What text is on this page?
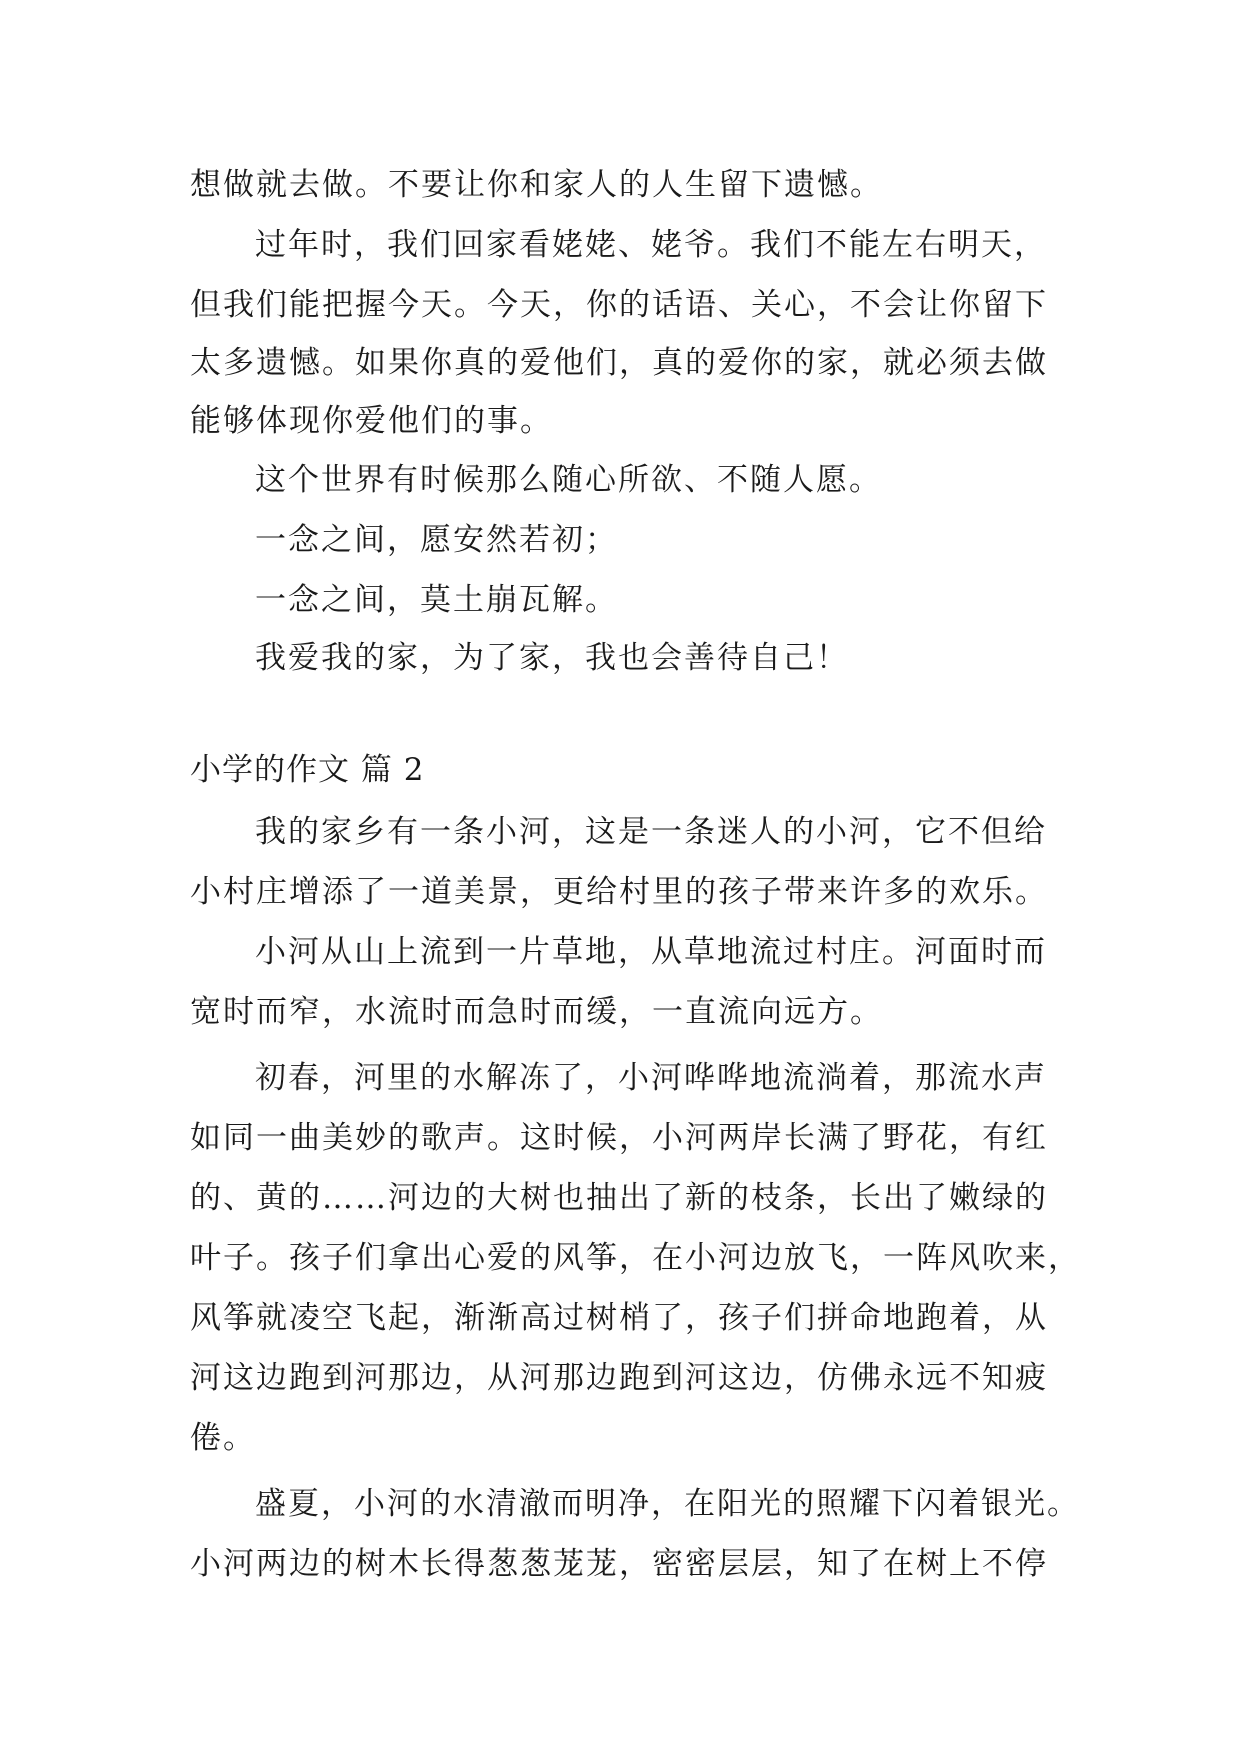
想做就去做。不要让你和家人的人生留下遗憾。
过年时，我们回家看姥姥、姥爷。我们不能左右明天，
但我们能把握今天。今天，你的话语、关心，不会让你留下
太多遗憾。如果你真的爱他们，真的爱你的家，就必须去做
能够体现你爱他们的事。
这个世界有时候那么随心所欲、不随人愿。
一念之间，愿安然若初；
一念之间，莫土崩瓦解。
我爱我的家，为了家，我也会善待自己！
小学的作文 篇 2
我的家乡有一条小河，这是一条迷人的小河，它不但给
小村庄增添了一道美景，更给村里的孩子带来许多的欢乐。
小河从山上流到一片草地，从草地流过村庄。河面时而
宽时而窄，水流时而急时而缓，一直流向远方。
初春，河里的水解冻了，小河哗哗地流淌着，那流水声
如同一曲美妙的歌声。这时候，小河两岸长满了野花，有红
的、黄的……河边的大树也抽出了新的枝条，长出了嫩绿的
叶子。孩子们拿出心爱的风筝，在小河边放飞，一阵风吹来，
风筝就凌空飞起，渐渐高过树梢了，孩子们拼命地跑着，从
河这边跑到河那边，从河那边跑到河这边，仿佛永远不知疲
倦。
盛夏，小河的水清澈而明净，在阳光的照耀下闪着银光。
小河两边的树木长得葱葱茏茏，密密层层，知了在树上不停
